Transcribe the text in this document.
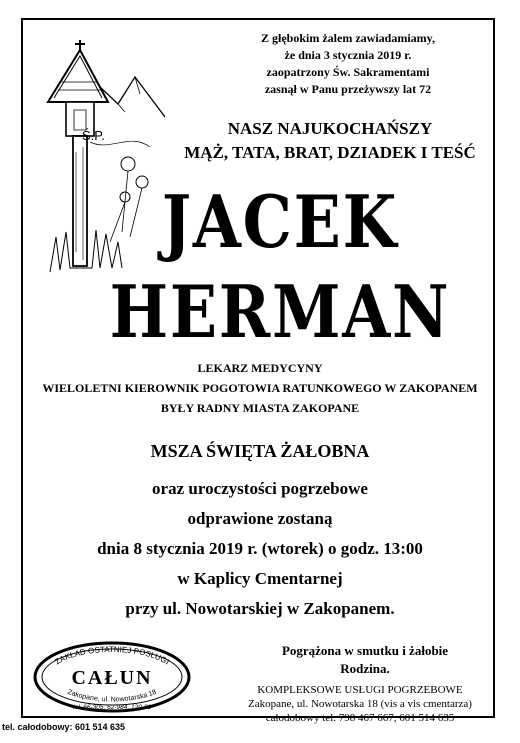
Z głębokim żalem zawiadamiamy,
że dnia 3 stycznia 2019 r.
zaopatrzony Św. Sakramentami
zasnął w Panu przeżywszy lat 72
Ś.P.	NASZ NAJUKOCHAŃSZY
MĄŻ, TATA, BRAT, DZIADEK I TEŚĆ
JACEK
HERMAN
LEKARZ MEDYCYNY
WIELOLETNI KIEROWNIK POGOTOWIA RATUNKOWEGO W ZAKOPANEM
BYŁY RADNY MIASTA ZAKOPANE
MSZA ŚWIĘTA ŻAŁOBNA
oraz uroczystości pogrzebowe
odprawione zostaną
dnia 8 stycznia 2019 r. (wtorek) o godz. 13:00
w Kaplicy Cmentarnej
przy ul. Nowotarskiej w Zakopanem.
Pogrążona w smutku i żałobie
Rodzina.
ZAKŁAD OSTATNIEJ POSŁUGI
CAŁUN
Zakopane, ul. Nowotarska 18
tel. 66-305, 62-984, 120-81
KOMPLEKSOWE USŁUGI POGRZEBOWE
Zakopane, ul. Nowotarska 18 (vis a vis cmentarza)
całodobowy tel. 798 467 667, 601 514 635
tel. całodobowy: 601 514 635
